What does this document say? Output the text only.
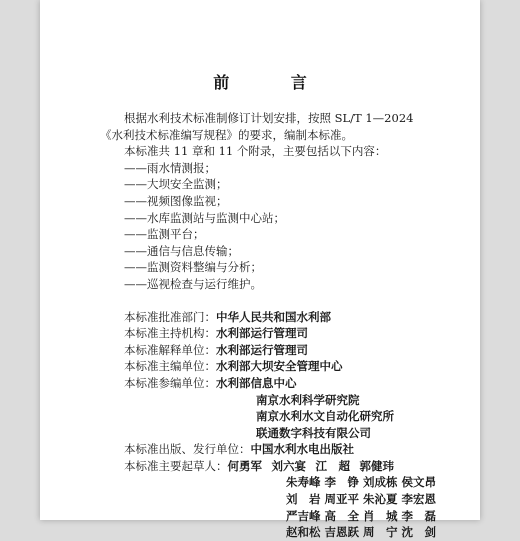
前 言

根据水利技术标准制修订计划安排，按照 SL/T 1—2024

《水利技术标准编写规程》的要求，编制本标准。

本标准共 11 章和 11 个附录，主要包括以下内容：

——雨水情测报；

——大坝安全监测；

——视频图像监视；

——水库监测站与监测中心站；

——监测平台；

——通信与信息传输；

——监测资料整编与分析；

——巡视检查与运行维护。

本标准批准部门： 中华人民共和国水利部
本标准主持机构： 水利部运行管理司
本标准解释单位： 水利部运行管理司
本标准主编单位： 水利部大坝安全管理中心
本标准参编单位： 水利部信息中心

南京水利科学研究院

南京水利水文自动化研究所

联通数字科技有限公司

本标准出版、发行单位： 中国水利水电出版社
本标准主要起草人： 何勇军 刘六宴 江　超 郭健玮
朱寿峰 李　铮 刘成栋 侯文昂
刘　岩 周亚平 朱沁夏 李宏恩
严吉峰 高　全 肖　城 李　磊
赵和松 吉恩跃 周　宁 沈　剑
